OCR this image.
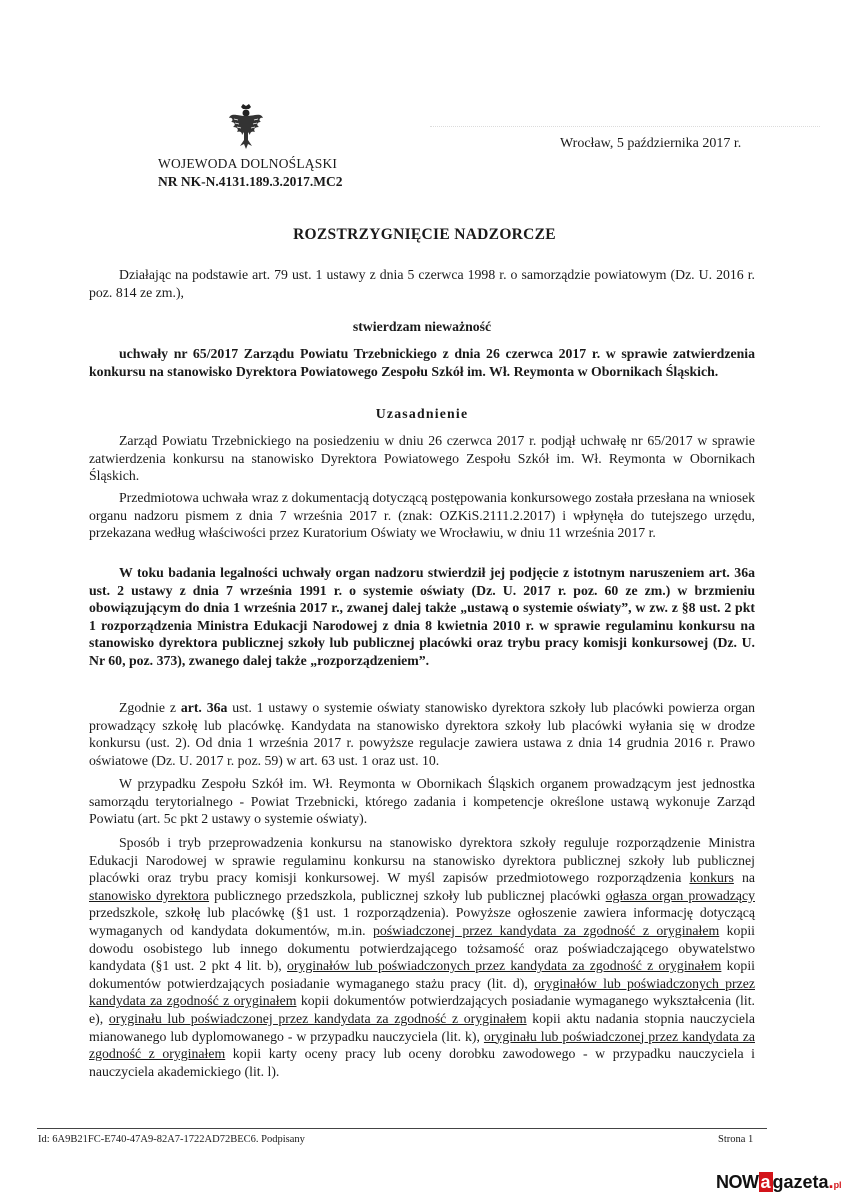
WOJEWODA DOLNOŚLĄSKI
NR NK-N.4131.189.3.2017.MC2
Wrocław, 5 października 2017 r.
ROZSTRZYGNIĘCIE NADZORCZE
Działając na podstawie art. 79 ust. 1 ustawy z dnia 5 czerwca 1998 r. o samorządzie powiatowym (Dz. U. 2016 r. poz. 814 ze zm.),
stwierdzam nieważność
uchwały nr 65/2017 Zarządu Powiatu Trzebnickiego z dnia 26 czerwca 2017 r. w sprawie zatwierdzenia konkursu na stanowisko Dyrektora Powiatowego Zespołu Szkół im. Wł. Reymonta w Obornikach Śląskich.
Uzasadnienie
Zarząd Powiatu Trzebnickiego na posiedzeniu w dniu 26 czerwca 2017 r. podjął uchwałę nr 65/2017 w sprawie zatwierdzenia konkursu na stanowisko Dyrektora Powiatowego Zespołu Szkół im. Wł. Reymonta w Obornikach Śląskich.
Przedmiotowa uchwała wraz z dokumentacją dotyczącą postępowania konkursowego została przesłana na wniosek organu nadzoru pismem z dnia 7 września 2017 r. (znak: OZKiS.2111.2.2017) i wpłynęła do tutejszego urzędu, przekazana według właściwości przez Kuratorium Oświaty we Wrocławiu, w dniu 11 września 2017 r.
W toku badania legalności uchwały organ nadzoru stwierdził jej podjęcie z istotnym naruszeniem art. 36a ust. 2 ustawy z dnia 7 września 1991 r. o systemie oświaty (Dz. U. 2017 r. poz. 60 ze zm.) w brzmieniu obowiązującym do dnia 1 września 2017 r., zwanej dalej także „ustawą o systemie oświaty”, w zw. z §8 ust. 2 pkt 1 rozporządzenia Ministra Edukacji Narodowej z dnia 8 kwietnia 2010 r. w sprawie regulaminu konkursu na stanowisko dyrektora publicznej szkoły lub publicznej placówki oraz trybu pracy komisji konkursowej (Dz. U. Nr 60, poz. 373), zwanego dalej także „rozporządzeniem”.
Zgodnie z art. 36a ust. 1 ustawy o systemie oświaty stanowisko dyrektora szkoły lub placówki powierza organ prowadzący szkołę lub placówkę. Kandydata na stanowisko dyrektora szkoły lub placówki wyłania się w drodze konkursu (ust. 2). Od dnia 1 września 2017 r. powyższe regulacje zawiera ustawa z dnia 14 grudnia 2016 r. Prawo oświatowe (Dz. U. 2017 r. poz. 59) w art. 63 ust. 1 oraz ust. 10.
W przypadku Zespołu Szkół im. Wł. Reymonta w Obornikach Śląskich organem prowadzącym jest jednostka samorządu terytorialnego - Powiat Trzebnicki, którego zadania i kompetencje określone ustawą wykonuje Zarząd Powiatu (art. 5c pkt 2 ustawy o systemie oświaty).
Sposób i tryb przeprowadzenia konkursu na stanowisko dyrektora szkoły reguluje rozporządzenie Ministra Edukacji Narodowej w sprawie regulaminu konkursu na stanowisko dyrektora publicznej szkoły lub publicznej placówki oraz trybu pracy komisji konkursowej. W myśl zapisów przedmiotowego rozporządzenia konkurs na stanowisko dyrektora publicznego przedszkola, publicznej szkoły lub publicznej placówki ogłasza organ prowadzący przedszkole, szkołę lub placówkę (§1 ust. 1 rozporządzenia). Powyższe ogłoszenie zawiera informację dotyczącą wymaganych od kandydata dokumentów, m.in. poświadczonej przez kandydata za zgodność z oryginałem kopii dowodu osobistego lub innego dokumentu potwierdzającego tożsamość oraz poświadczającego obywatelstwo kandydata (§1 ust. 2 pkt 4 lit. b), oryginałów lub poświadczonych przez kandydata za zgodność z oryginałem kopii dokumentów potwierdzających posiadanie wymaganego stażu pracy (lit. d), oryginałów lub poświadczonych przez kandydata za zgodność z oryginałem kopii dokumentów potwierdzających posiadanie wymaganego wykształcenia (lit. e), oryginału lub poświadczonej przez kandydata za zgodność z oryginałem kopii aktu nadania stopnia nauczyciela mianowanego lub dyplomowanego - w przypadku nauczyciela (lit. k), oryginału lub poświadczonej przez kandydata za zgodność z oryginałem kopii karty oceny pracy lub oceny dorobku zawodowego - w przypadku nauczyciela i nauczyciela akademickiego (lit. l).
Id: 6A9B21FC-E740-47A9-82A7-1722AD72BEC6. Podpisany	Strona 1
NOW a gazeta.pl
